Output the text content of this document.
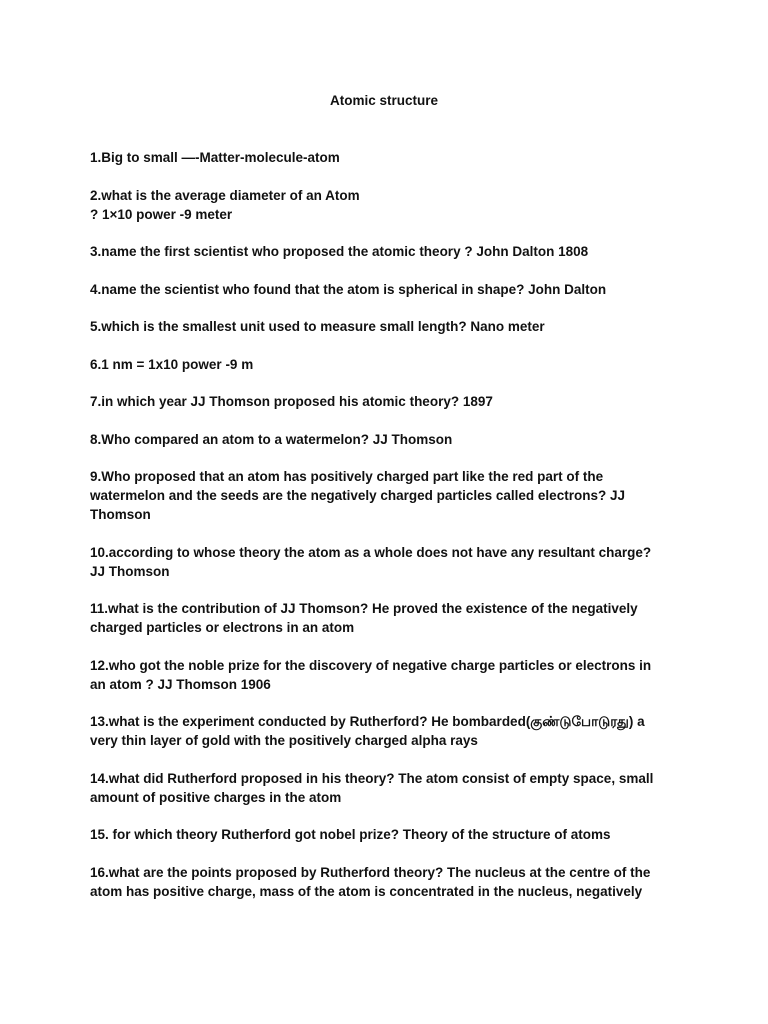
Atomic structure
1.Big to small —-Matter-molecule-atom
2.what is the average diameter of an Atom
? 1×10 power -9 meter
3.name the first scientist who proposed the atomic theory ? John Dalton 1808
4.name the scientist who found that the atom is spherical in shape? John Dalton
5.which is the smallest unit used to measure small length? Nano meter
6.1 nm = 1x10 power -9 m
7.in which year JJ Thomson proposed his atomic theory? 1897
8.Who compared an atom to a watermelon? JJ Thomson
9.Who proposed that an atom has positively charged part like the red part of the
watermelon and the seeds are the negatively charged particles called electrons? JJ
Thomson
10.according to whose theory the atom as a whole does not have any resultant charge?
JJ Thomson
11.what is the contribution of JJ Thomson? He proved the existence of the negatively
charged particles or electrons in an atom
12.who got the noble prize for the discovery of negative charge particles or electrons in
an atom ? JJ Thomson 1906
13.what is the experiment conducted by Rutherford? He bombarded(குண்டுபோடுரது) a
very thin layer of gold with the positively charged alpha rays
14.what did Rutherford proposed in his theory? The atom consist of empty space, small
amount of positive charges in the atom
15. for which theory Rutherford got nobel prize? Theory of the structure of atoms
16.what are the points proposed by Rutherford theory? The nucleus at the centre of the
atom has positive charge, mass of the atom is concentrated in the nucleus, negatively
